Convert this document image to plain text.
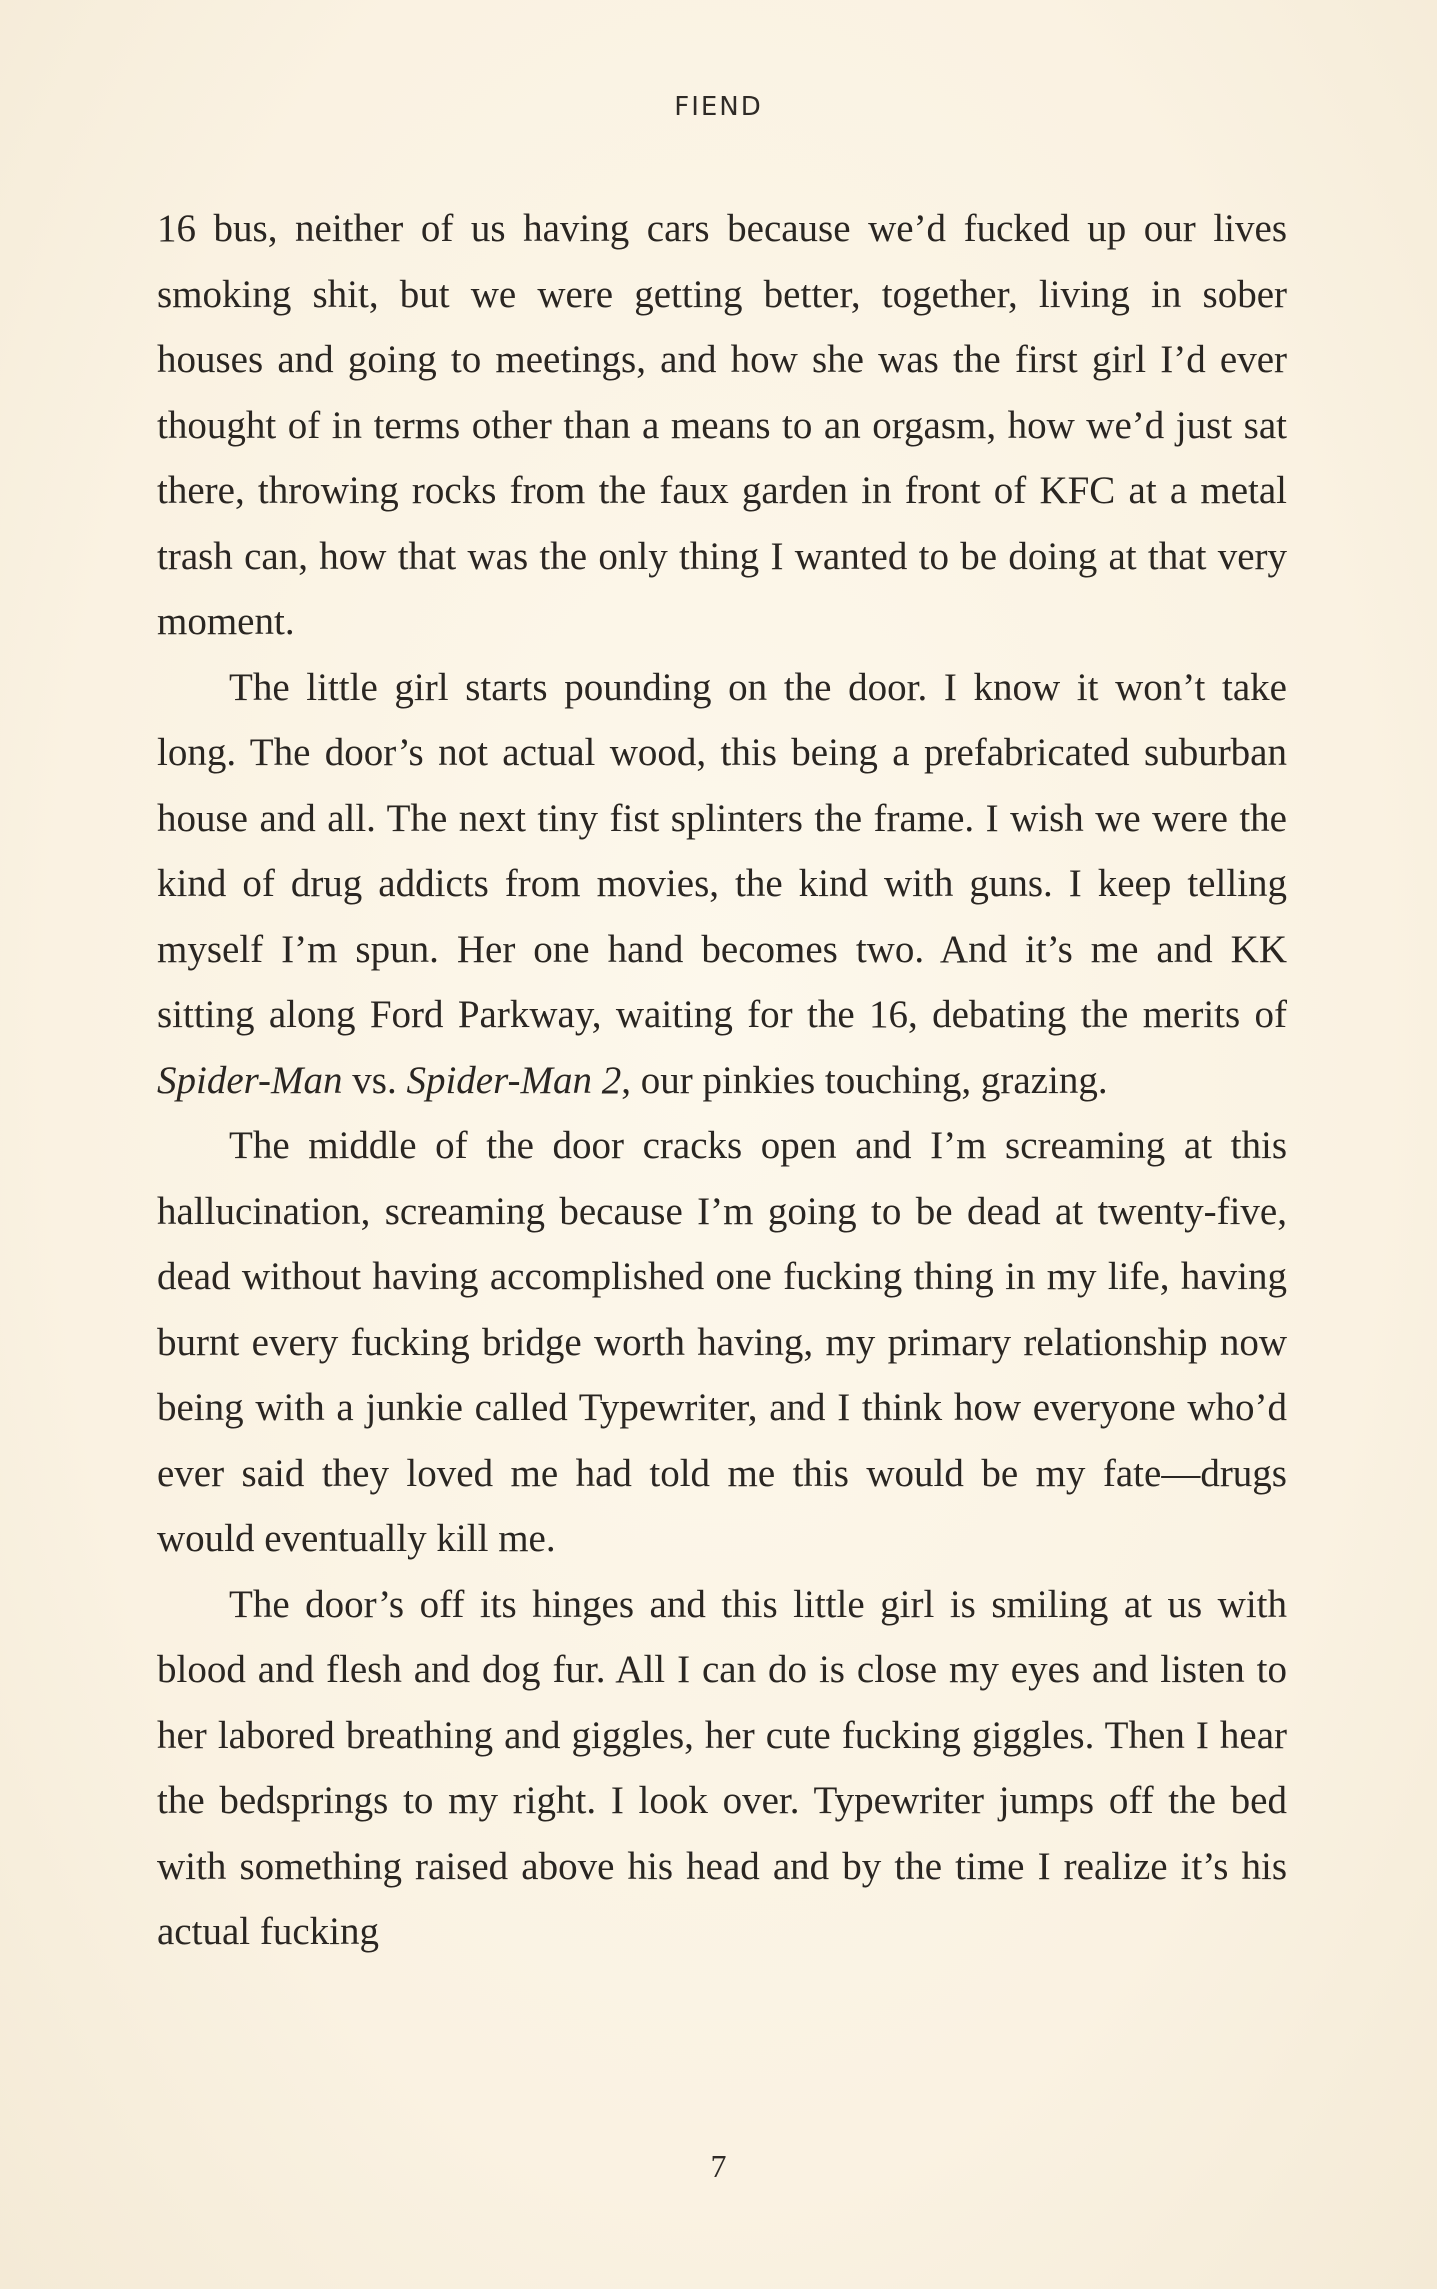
FIEND

16 bus, neither of us having cars because we’d fucked up our lives smoking shit, but we were getting better, together, living in sober houses and going to meetings, and how she was the first girl I’d ever thought of in terms other than a means to an orgasm, how we’d just sat there, throwing rocks from the faux garden in front of KFC at a metal trash can, how that was the only thing I wanted to be doing at that very moment.

The little girl starts pounding on the door. I know it won’t take long. The door’s not actual wood, this being a prefabricated suburban house and all. The next tiny fist splinters the frame. I wish we were the kind of drug addicts from movies, the kind with guns. I keep telling myself I’m spun. Her one hand becomes two. And it’s me and KK sitting along Ford Parkway, waiting for the 16, debating the merits of Spider-Man vs. Spider-Man 2, our pinkies touching, grazing.

The middle of the door cracks open and I’m screaming at this hallucination, screaming because I’m going to be dead at twenty-five, dead without having accomplished one fucking thing in my life, having burnt every fucking bridge worth having, my primary relationship now being with a junkie called Typewriter, and I think how everyone who’d ever said they loved me had told me this would be my fate—drugs would eventually kill me.

The door’s off its hinges and this little girl is smiling at us with blood and flesh and dog fur. All I can do is close my eyes and listen to her labored breathing and giggles, her cute fucking giggles. Then I hear the bedsprings to my right. I look over. Typewriter jumps off the bed with something raised above his head and by the time I realize it’s his actual fucking

7
